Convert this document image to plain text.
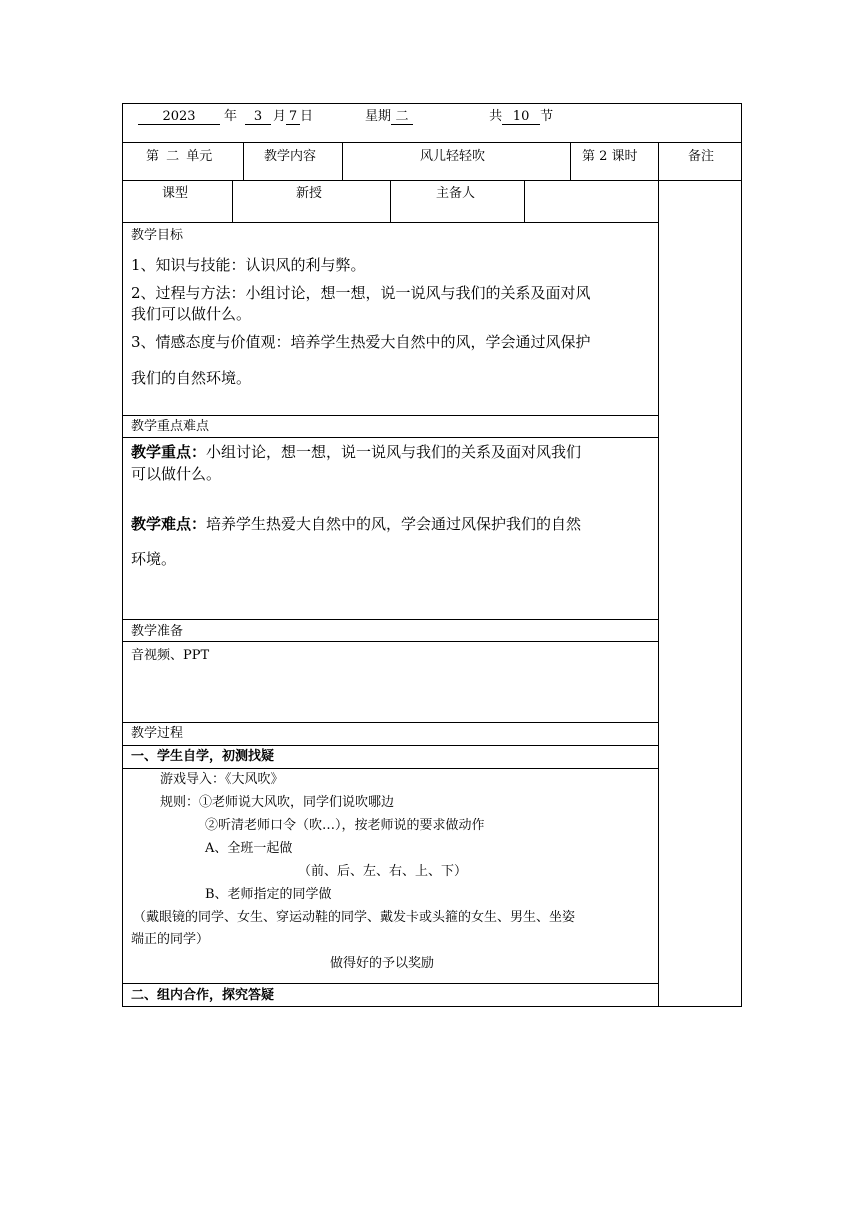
2023 年 3 月 7 日	星期 二	共 10 节
第 二 单元	教学内容	风儿轻轻吹	第 2 课时	备注
课型	新授	主备人
教学目标
1、知识与技能：认识风的利与弊。
2、过程与方法：小组讨论，想一想，说一说风与我们的关系及面对风
我们可以做什么。
3、情感态度与价值观：培养学生热爱大自然中的风，学会通过风保护
我们的自然环境。
教学重点难点
教学重点：小组讨论，想一想，说一说风与我们的关系及面对风我们
可以做什么。
教学难点：培养学生热爱大自然中的风，学会通过风保护我们的自然
环境。
教学准备
音视频、PPT
教学过程
一、学生自学，初测找疑
游戏导入：《大风吹》
规则：①老师说大风吹，同学们说吹哪边
②听清老师口令（吹…），按老师说的要求做动作
A、全班一起做
（前、后、左、右、上、下）
B、老师指定的同学做
（戴眼镜的同学、女生、穿运动鞋的同学、戴发卡或头箍的女生、男生、坐姿
端正的同学）
做得好的予以奖励
二、组内合作，探究答疑
